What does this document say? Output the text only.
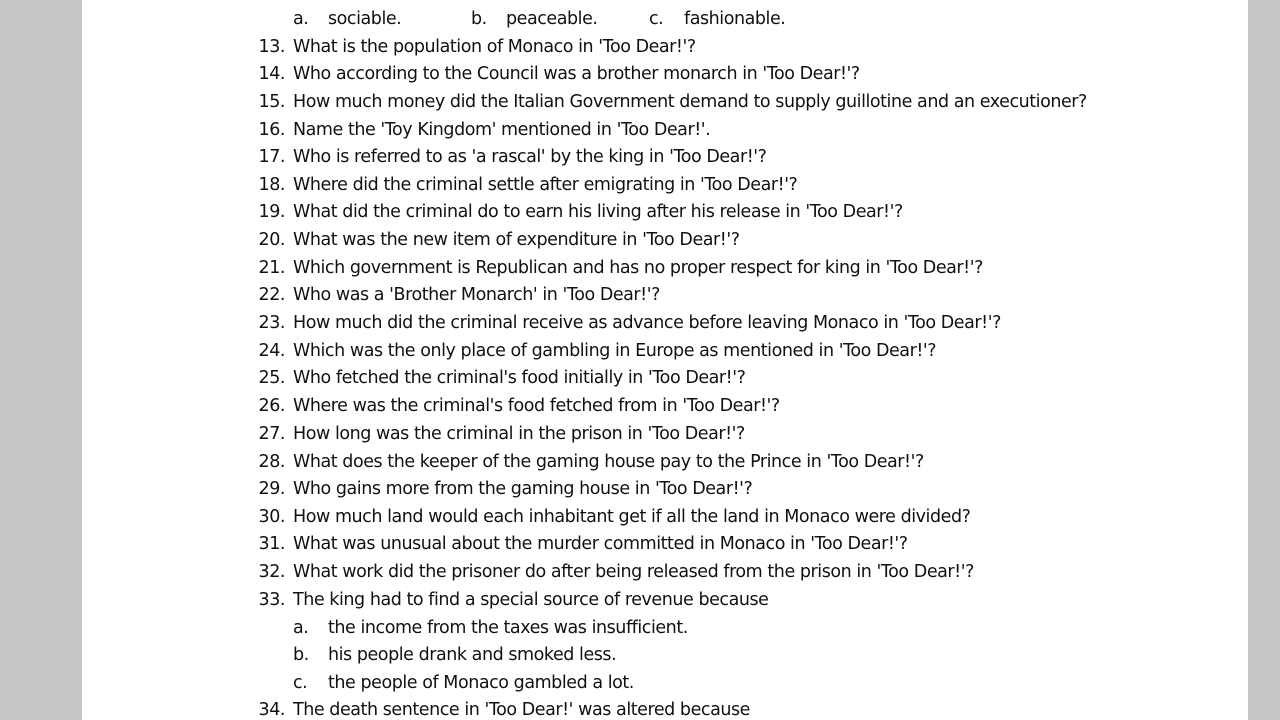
a. sociable.	b. peaceable.	c. fashionable.
13. What is the population of Monaco in 'Too Dear!'?
14. Who according to the Council was a brother monarch in 'Too Dear!'?
15. How much money did the Italian Government demand to supply guillotine and an executioner?
16. Name the 'Toy Kingdom' mentioned in 'Too Dear!'.
17. Who is referred to as 'a rascal' by the king in 'Too Dear!'?
18. Where did the criminal settle after emigrating in 'Too Dear!'?
19. What did the criminal do to earn his living after his release in 'Too Dear!'?
20. What was the new item of expenditure in 'Too Dear!'?
21. Which government is Republican and has no proper respect for king in 'Too Dear!'?
22. Who was a 'Brother Monarch' in 'Too Dear!'?
23. How much did the criminal receive as advance before leaving Monaco in 'Too Dear!'?
24. Which was the only place of gambling in Europe as mentioned in 'Too Dear!'?
25. Who fetched the criminal's food initially in 'Too Dear!'?
26. Where was the criminal's food fetched from in 'Too Dear!'?
27. How long was the criminal in the prison in 'Too Dear!'?
28. What does the keeper of the gaming house pay to the Prince in 'Too Dear!'?
29. Who gains more from the gaming house in 'Too Dear!'?
30. How much land would each inhabitant get if all the land in Monaco were divided?
31. What was unusual about the murder committed in Monaco in 'Too Dear!'?
32. What work did the prisoner do after being released from the prison in 'Too Dear!'?
33. The king had to find a special source of revenue because
a. the income from the taxes was insufficient.
b. his people drank and smoked less.
c. the people of Monaco gambled a lot.
34. The death sentence in 'Too Dear!' was altered because
